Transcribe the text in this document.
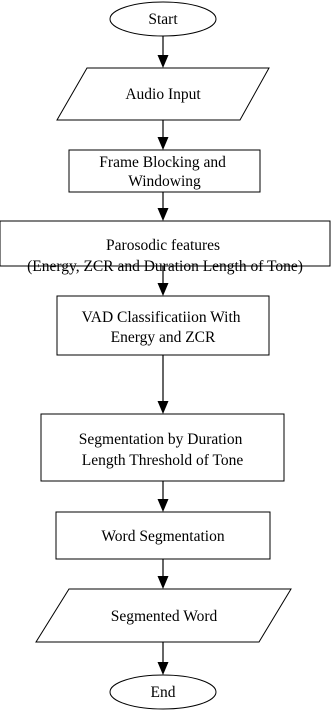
Start
Audio Input
Frame Blocking and Windowing
Parosodic features (Energy, ZCR and Duration Length of Tone)
VAD Classificatiion With Energy and ZCR
Segmentation by Duration Length Threshold of Tone
Word Segmentation
Segmented Word
End
